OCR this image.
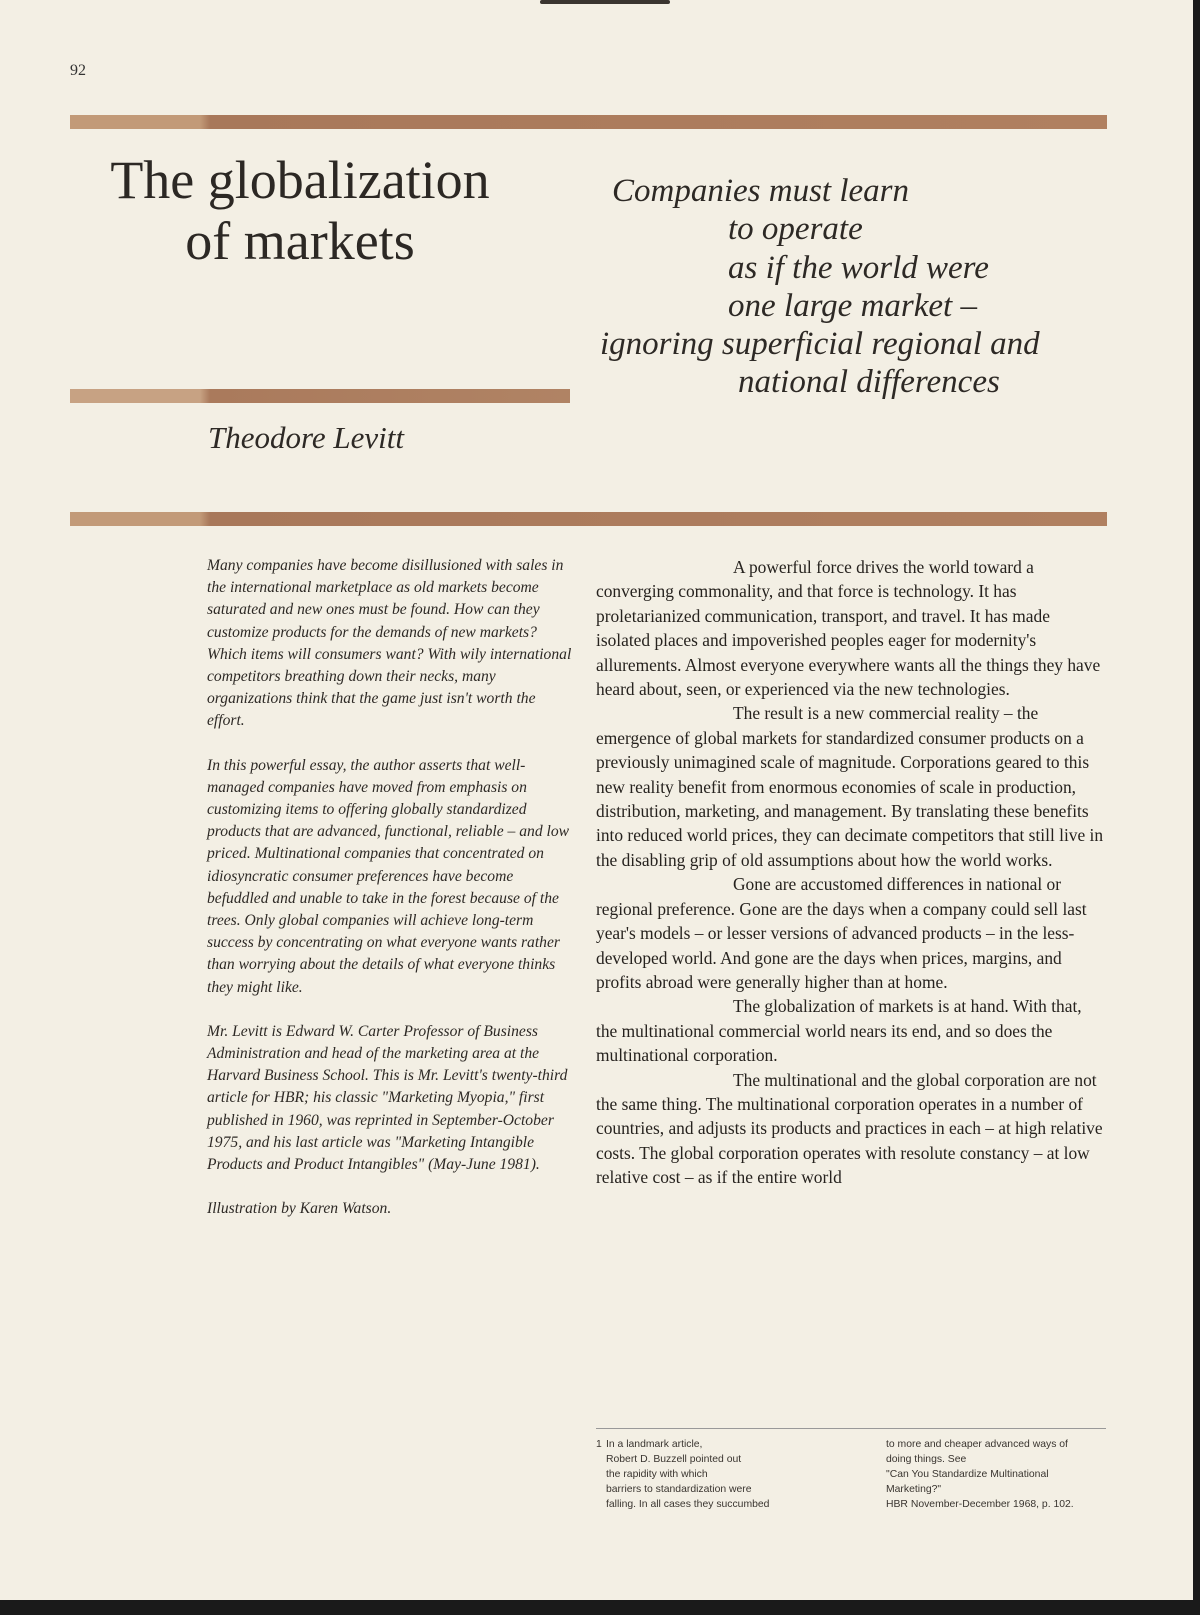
92
The globalization
of markets
Companies must learn
to operate
as if the world were
one large market –
ignoring superficial regional and
national differences
Theodore Levitt

Many companies have become disillusioned with sales in the international marketplace as old markets become saturated and new ones must be found. How can they customize products for the demands of new markets? Which items will consumers want? With wily international competitors breathing down their necks, many organizations think that the game just isn't worth the effort.

In this powerful essay, the author asserts that well-managed companies have moved from emphasis on customizing items to offering globally standardized products that are advanced, functional, reliable – and low priced. Multinational companies that concentrated on idiosyncratic consumer preferences have become befuddled and unable to take in the forest because of the trees. Only global companies will achieve long-term success by concentrating on what everyone wants rather than worrying about the details of what everyone thinks they might like.

Mr. Levitt is Edward W. Carter Professor of Business Administration and head of the marketing area at the Harvard Business School. This is Mr. Levitt's twenty-third article for HBR; his classic "Marketing Myopia," first published in 1960, was reprinted in September-October 1975, and his last article was "Marketing Intangible Products and Product Intangibles" (May-June 1981).

Illustration by Karen Watson.

A powerful force drives the world toward a converging commonality, and that force is technology. It has proletarianized communication, transport, and travel. It has made isolated places and impoverished peoples eager for modernity's allurements. Almost everyone everywhere wants all the things they have heard about, seen, or experienced via the new technologies.

The result is a new commercial reality – the emergence of global markets for standardized consumer products on a previously unimagined scale of magnitude. Corporations geared to this new reality benefit from enormous economies of scale in production, distribution, marketing, and management. By translating these benefits into reduced world prices, they can decimate competitors that still live in the disabling grip of old assumptions about how the world works.

Gone are accustomed differences in national or regional preference. Gone are the days when a company could sell last year's models – or lesser versions of advanced products – in the less-developed world. And gone are the days when prices, margins, and profits abroad were generally higher than at home.

The globalization of markets is at hand. With that, the multinational commercial world nears its end, and so does the multinational corporation.

The multinational and the global corporation are not the same thing. The multinational corporation operates in a number of countries, and adjusts its products and practices in each – at high relative costs. The global corporation operates with resolute constancy – at low relative cost – as if the entire world

1 In a landmark article,
Robert D. Buzzell pointed out
the rapidity with which
barriers to standardization were
falling. In all cases they succumbed
to more and cheaper advanced ways of
doing things. See
"Can You Standardize Multinational
Marketing?"
HBR November-December 1968, p. 102.
